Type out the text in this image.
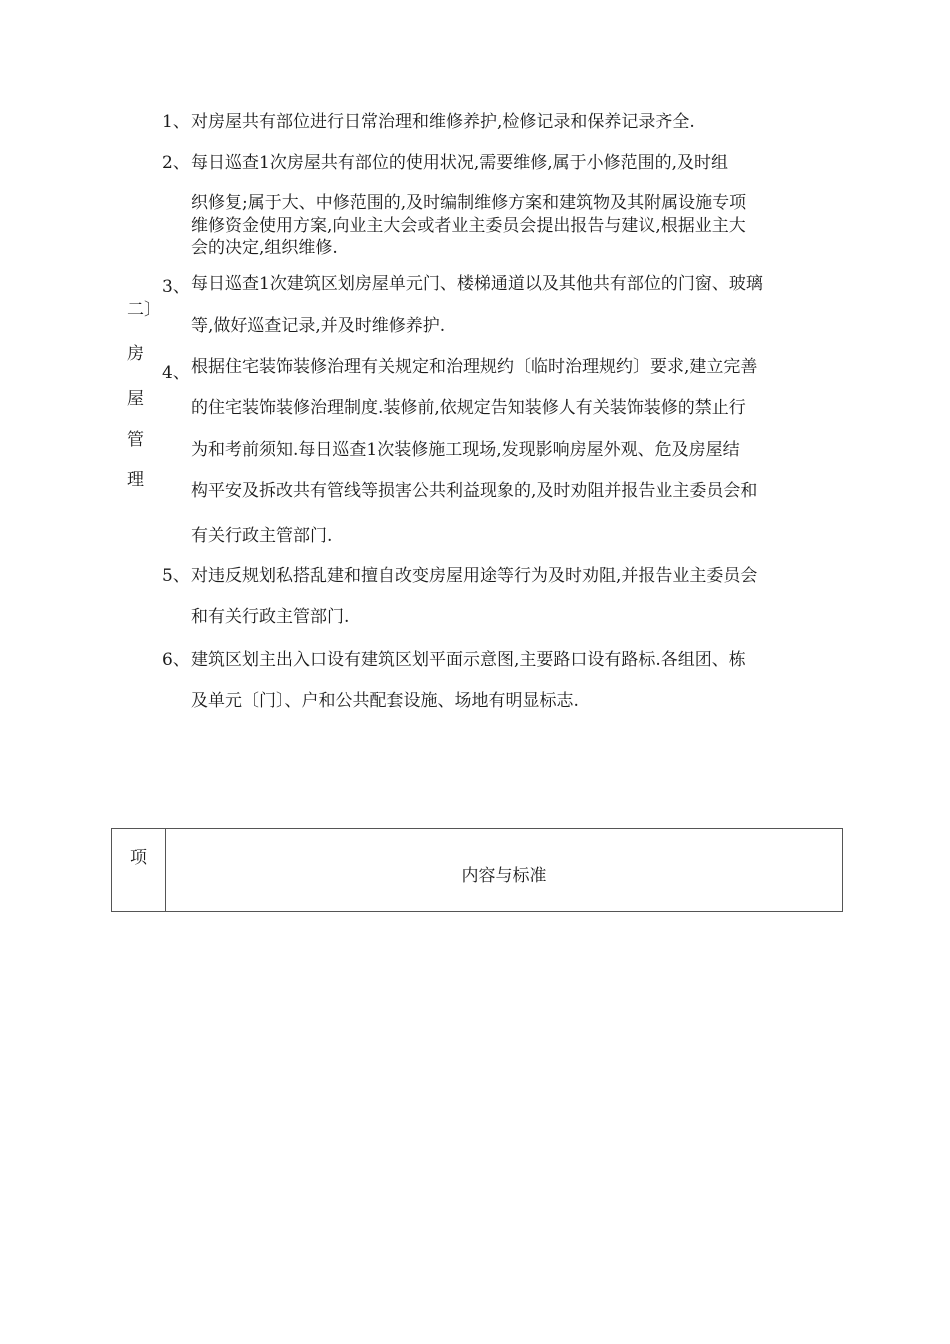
二〕
房
屋
管
理
1、 对房屋共有部位进行日常治理和维修养护,检修记录和保养记录齐全.
2、 每日巡查1次房屋共有部位的使用状况,需要维修,属于小修范围的,及时组
织修复;属于大、中修范围的,及时编制维修方案和建筑物及其附属设施专项
维修资金使用方案,向业主大会或者业主委员会提出报告与建议,根据业主大
会的决定,组织维修.
3、 每日巡查1次建筑区划房屋单元门、楼梯通道以及其他共有部位的门窗、玻璃
等,做好巡查记录,并及时维修养护.
4、 根据住宅装饰装修治理有关规定和治理规约〔临时治理规约〕要求,建立完善
的住宅装饰装修治理制度.装修前,依规定告知装修人有关装饰装修的禁止行
为和考前须知.每日巡查1次装修施工现场,发现影响房屋外观、危及房屋结
构平安及拆改共有管线等损害公共利益现象的,及时劝阻并报告业主委员会和
有关行政主管部门.
5、 对违反规划私搭乱建和擅自改变房屋用途等行为及时劝阻,并报告业主委员会
和有关行政主管部门.
6、 建筑区划主出入口设有建筑区划平面示意图,主要路口设有路标.各组团、栋
及单元〔门〕、户和公共配套设施、场地有明显标志.
项
内容与标准
